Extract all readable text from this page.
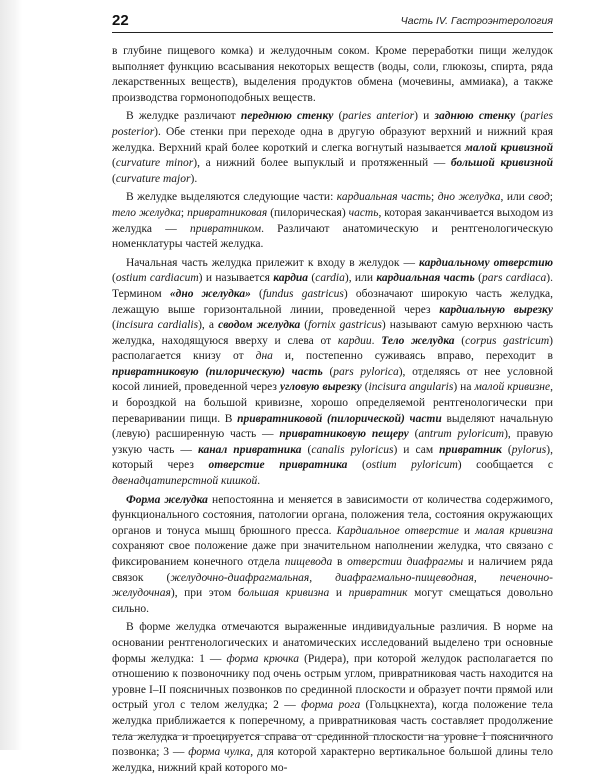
22	Часть IV. Гастроэнтерология

в глубине пищевого комка) и желудочным соком. Кроме переработки пищи желудок выполняет функцию всасывания некоторых веществ (воды, соли, глюкозы, спирта, ряда лекарственных веществ), выделения продуктов обмена (мочевины, аммиака), а также производства гормоноподобных веществ.

В желудке различают переднюю стенку (paries anterior) и заднюю стенку (paries posterior). Обе стенки при переходе одна в другую образуют верхний и нижний края желудка. Верхний край более короткий и слегка вогнутый называется малой кривизной (curvature minor), а нижний более выпуклый и протяженный — большой кривизной (curvature major).

В желудке выделяются следующие части: кардиальная часть; дно желудка, или свод; тело желудка; привратниковая (пилорическая) часть, которая заканчивается выходом из желудка — привратником. Различают анатомическую и рентгенологическую номенклатуры частей желудка.

Начальная часть желудка прилежит к входу в желудок — кардиальному отверстию (ostium cardiacum) и называется кардиа (cardia), или кардиальная часть (pars cardiaca). Термином «дно желудка» (fundus gastricus) обозначают широкую часть желудка, лежащую выше горизонтальной линии, проведенной через кардиальную вырезку (incisura cardialis), а сводом желудка (fornix gastricus) называют самую верхнюю часть желудка, находящуюся вверху и слева от кардии. Тело желудка (corpus gastricum) располагается книзу от дна и, постепенно суживаясь вправо, переходит в привратниковую (пилорическую) часть (pars pylorica), отделяясь от нее условной косой линией, проведенной через угловую вырезку (incisura angularis) на малой кривизне, и бороздкой на большой кривизне, хорошо определяемой рентгенологически при переваривании пищи. В привратниковой (пилорической) части выделяют начальную (левую) расширенную часть — привратниковую пещеру (antrum pyloricum), правую узкую часть — канал привратника (canalis pyloricus) и сам привратник (pylorus), который через отверстие привратника (ostium pyloricum) сообщается с двенадцатиперстной кишкой.

Форма желудка непостоянна и меняется в зависимости от количества содержимого, функционального состояния, патологии органа, положения тела, состояния окружающих органов и тонуса мышц брюшного пресса. Кардиальное отверстие и малая кривизна сохраняют свое положение даже при значительном наполнении желудка, что связано с фиксированием конечного отдела пищевода в отверстии диафрагмы и наличием ряда связок (желудочно-диафрагмальная, диафрагмально-пищеводная, печеночно-желудочная), при этом большая кривизна и привратник могут смещаться довольно сильно.

В форме желудка отмечаются выраженные индивидуальные различия. В норме на основании рентгенологических и анатомических исследований выделено три основные формы желудка: 1 — форма крючка (Ридера), при которой желудок располагается по отношению к позвоночнику под очень острым углом, привратниковая часть находится на уровне I–II поясничных позвонков по срединной плоскости и образует почти прямой или острый угол с телом желудка; 2 — форма рога (Гольцкнехта), когда положение тела желудка приближается к поперечному, а привратниковая часть составляет продолжение тела желудка и проецируется справа от срединной плоскости на уровне I поясничного позвонка; 3 — форма чулка, для которой характерно вертикальное большой длины тело желудка, нижний край которого мо-
